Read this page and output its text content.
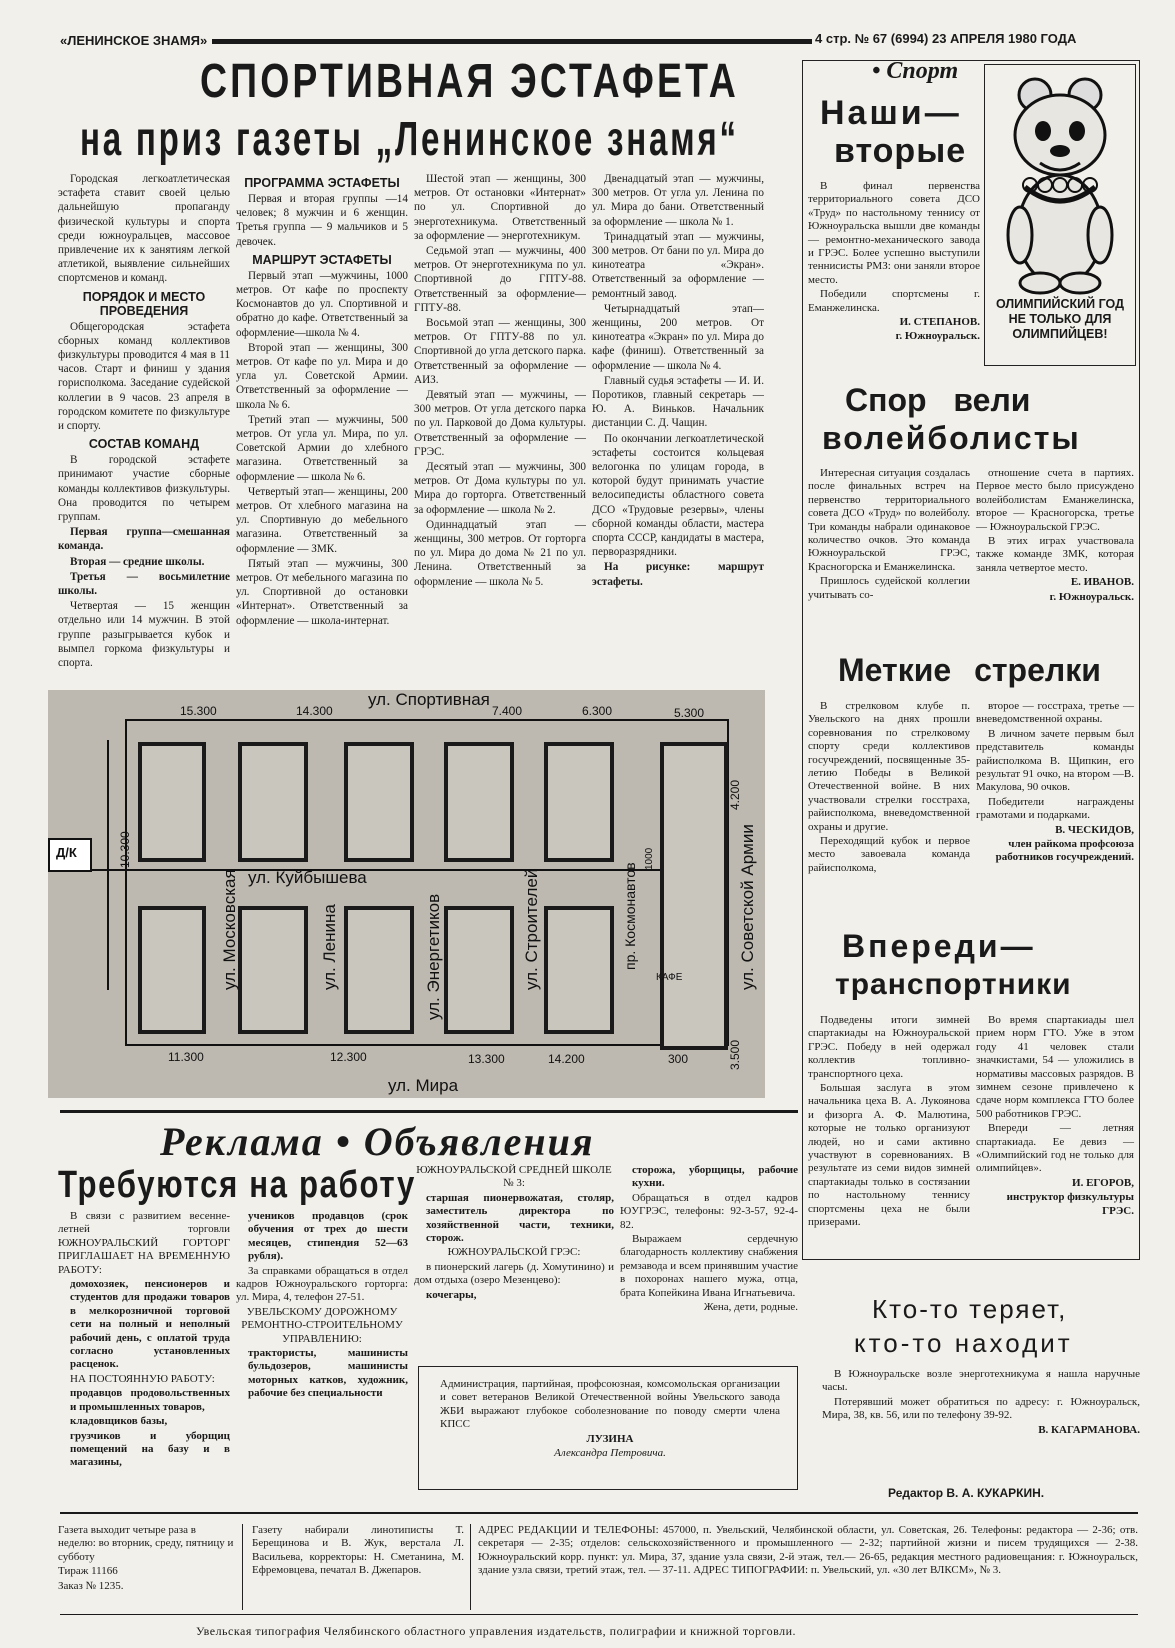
«ЛЕНИНСКОЕ ЗНАМЯ»	4 стр. № 67 (6994) 23 АПРЕЛЯ 1980 ГОДА
СПОРТИВНАЯ ЭСТАФЕТА
на приз газеты „Ленинское знамя“

Городская легкоатлетическая эстафета ставит своей целью дальнейшую пропаганду физической культуры и спорта среди южноуральцев, массовое привлечение их к занятиям легкой атлетикой, выявление сильнейших спортсменов и команд.

ПОРЯДОК И МЕСТО ПРОВЕДЕНИЯ

Общегородская эстафета сборных команд коллективов физкультуры проводится 4 мая в 11 часов. Старт и финиш у здания горисполкома. Заседание судейской коллегии в 9 часов. 23 апреля в городском комитете по физкультуре и спорту.

СОСТАВ КОМАНД

В городской эстафете принимают участие сборные команды коллективов физкультуры. Она проводится по четырем группам.

Первая группа—смешанная команда.

Вторая — средние школы.

Третья — восьмилетние школы.

Четвертая — 15 женщин отдельно или 14 мужчин. В этой группе разыгрывается кубок и вымпел горкома физкультуры и спорта.

ПРОГРАММА ЭСТАФЕТЫ

Первая и вторая группы —14 человек; 8 мужчин и 6 женщин. Третья группа — 9 мальчиков и 5 девочек.

МАРШРУТ ЭСТАФЕТЫ

Первый этап —мужчины, 1000 метров. От кафе по проспекту Космонавтов до ул. Спортивной и обратно до кафе. Ответственный за оформление—школа № 4.

Второй этап — женщины, 300 метров. От кафе по ул. Мира и до угла ул. Советской Армии. Ответственный за оформление — школа № 6.

Третий этап — мужчины, 500 метров. От угла ул. Мира, по ул. Советской Армии до хлебного магазина. Ответственный за оформление — школа № 6.

Четвертый этап— женщины, 200 метров. От хлебного магазина на ул. Спортивную до мебельного магазина. Ответственный за оформление — ЗМК.

Пятый этап — мужчины, 300 метров. От мебельного магазина по ул. Спортивной до остановки «Интернат». Ответственный за оформление — школа-интернат.

Шестой этап — женщины, 300 метров. От остановки «Интернат» по ул. Спортивной до энерготехникума. Ответственный за оформление — энерготехникум.

Седьмой этап — мужчины, 400 метров. От энерготехникума по ул. Спортивной до ГПТУ-88. Ответственный за оформление— ГПТУ-88.

Восьмой этап — женщины, 300 метров. От ГПТУ-88 по ул. Спортивной до угла детского парка. Ответственный за оформление — АИЗ.

Девятый этап — мужчины, — 300 метров. От угла детского парка по ул. Парковой до Дома культуры. Ответственный за оформление — ГРЭС.

Десятый этап — мужчины, 300 метров. От Дома культуры по ул. Мира до горторга. Ответственный за оформление — школа № 2.

Одиннадцатый этап — женщины, 300 метров. От горторга по ул. Мира до дома № 21 по ул. Ленина. Ответственный за оформление — школа № 5.

Двенадцатый этап — мужчины, 300 метров. От угла ул. Ленина по ул. Мира до бани. Ответственный за оформление — школа № 1.

Тринадцатый этап — мужчины, 300 метров. От бани по ул. Мира до кинотеатра «Экран». Ответственный за оформление — ремонтный завод.

Четырнадцатый этап— женщины, 200 метров. От кинотеатра «Экран» по ул. Мира до кафе (финиш). Ответственный за оформление — школа № 4.

Главный судья эстафеты — И. И. Поротиков, главный секретарь — Ю. А. Виньков. Начальник дистанции С. Д. Чащин.

По окончании легкоатлетической эстафеты состоится кольцевая велогонка по улицам города, в которой будут принимать участие велосипедисты областного совета ДСО «Трудовые резервы», члены сборной команды области, мастера спорта СССР, кандидаты в мастера, перворазрядники.

На рисунке: маршрут эстафеты.

Д/К
ул. Спортивная
ул. Куйбышева
ул. Мира
ул. Московская	ул. Ленина	ул. Энергетиков	ул. Строителей	пр. Космонавтов	ул. Советской Армии
КАФЕ
15.300	14.300	7.400	6.300	5.300
10.300
4.200
1000
11.300	12.300	13.300	14.200	300	3.500
• Спорт
Наши—
вторые

В финал первенства территориального совета ДСО «Труд» по настольному теннису от Южноуральска вышли две команды — ремонтно-механического завода и ГРЭС. Более успешно выступили теннисисты РМЗ: они заняли второе место.

Победили спортсмены г. Еманжелинска.

И. СТЕПАНОВ.

г. Южноуральск.

ОЛИМПИЙСКИЙ ГОД НЕ ТОЛЬКО ДЛЯ ОЛИМПИЙЦЕВ!
Спор вели
волейболисты

Интересная ситуация создалась после финальных встреч на первенство территориального совета ДСО «Труд» по волейболу. Три команды набрали одинаковое количество очков. Это команда Южноуральской ГРЭС, Красногорска и Еманжелинска.

Пришлось судейской коллегии учитывать со-

отношение счета в партиях. Первое место было присуждено волейболистам Еманжелинска, второе — Красногорска, третье — Южноуральской ГРЭС.

В этих играх участвовала также команде ЗМК, которая заняла четвертое место.

Е. ИВАНОВ.

г. Южноуральск.

Меткие стрелки

В стрелковом клубе п. Увельского на днях прошли соревнования по стрелковому спорту среди коллективов госучреждений, посвященные 35-летию Победы в Великой Отечественной войне. В них участвовали стрелки госстраха, райисполкома, вневедомственной охраны и другие.

Переходящий кубок и первое место завоевала команда райисполкома,

второе — госстраха, третье — вневедомственной охраны.

В личном зачете первым был представитель команды райисполкома В. Щипкин, его результат 91 очко, на втором —В. Макулова, 90 очков.

Победители награждены грамотами и подарками.

В. ЧЕСКИДОВ,

член райкома профсоюза работников госучреждений.

Впереди—
транспортники

Подведены итоги зимней спартакиады на Южноуральской ГРЭС. Победу в ней одержал коллектив топливно-транспортного цеха.

Большая заслуга в этом начальника цеха В. А. Лукоянова и физорга А. Ф. Малютина, которые не только организуют людей, но и сами активно участвуют в соревнованиях. В результате из семи видов зимней спартакиады только в состязании по настольному теннису спортсмены цеха не были призерами.

Во время спартакиады шел прием норм ГТО. Уже в этом году 41 человек стали значкистами, 54 — уложились в нормативы массовых разрядов. В зимнем сезоне привлечено к сдаче норм комплекса ГТО более 500 работников ГРЭС.

Впереди — летняя спартакиада. Ее девиз — «Олимпийский год не только для олимпийцев».

И. ЕГОРОВ,

инструктор физкультуры ГРЭС.

Кто-то теряет,
кто-то находит

В Южноуральске возле энерготехникума я нашла наручные часы.

Потерявший может обратиться по адресу: г. Южноуральск, Мира, 38, кв. 56, или по телефону 39-92.

В. КАГАРМАНОВА.

Редактор В. А. КУКАРКИН.
Реклама • Объявления
Требуются на работу

В связи с развитием весенне-летней торговли ЮЖНОУРАЛЬСКИЙ ГОРТОРГ ПРИГЛАШАЕТ НА ВРЕМЕННУЮ РАБОТУ:

домохозяек, пенсионеров и студентов для продажи товаров в мелкорозничной торговой сети на полный и неполный рабочий день, с оплатой труда согласно установленных расценок.

НА ПОСТОЯННУЮ РАБОТУ:

продавцов продовольственных и промышленных товаров,

кладовщиков базы,

грузчиков и уборщиц помещений на базу и в магазины,

учеников продавцов (срок обучения от трех до шести месяцев, стипендия 52—63 рубля).

За справками обращаться в отдел кадров Южноуральского горторга: ул. Мира, 4, телефон 27-51.

УВЕЛЬСКОМУ ДОРОЖНОМУ РЕМОНТНО-СТРОИТЕЛЬНОМУ УПРАВЛЕНИЮ:

трактористы, машинисты бульдозеров, машинисты моторных катков, художник, рабочие без специальности

ЮЖНОУРАЛЬСКОЙ СРЕДНЕЙ ШКОЛЕ № 3:

старшая пионервожатая, столяр, заместитель директора по хозяйственной части, техники, сторож.

ЮЖНОУРАЛЬСКОЙ ГРЭС:

в пионерский лагерь (д. Хомутинино) и дом отдыха (озеро Мезенцево):

кочегары,

сторожа, уборщицы, рабочие кухни.

Обращаться в отдел кадров ЮУГРЭС, телефоны: 92-3-57, 92-4-82.

Выражаем сердечную благодарность коллективу снабжения ремзавода и всем принявшим участие в похоронах нашего мужа, отца, брата Копейкина Ивана Игнатьевича.

Жена, дети, родные.

Администрация, партийная, профсоюзная, комсомольская организации и совет ветеранов Великой Отечественной войны Увельского завода ЖБИ выражают глубокое соболезнование по поводу смерти члена КПСС

ЛУЗИНА

Александра Петровича.

Газета выходит четыре раза в неделю: во вторник, среду, пятницу и субботу

Тираж 11166

Заказ № 1235.

Газету набирали линотиписты Т. Берещинова и В. Жук, верстала Л. Васильева, корректоры: Н. Сметанина, М. Ефремовцева, печатал В. Джепаров.

АДРЕС РЕДАКЦИИ И ТЕЛЕФОНЫ: 457000, п. Увельский, Челябинской области, ул. Советская, 26. Телефоны: редактора — 2-36; отв. секретаря — 2-35; отделов: сельскохозяйственного и промышленного — 2-32; партийной жизни и писем трудящихся — 2-38. Южноуральский корр. пункт: ул. Мира, 37, здание узла связи, 2-й этаж, тел.— 26-65, редакция местного радиовещания: г. Южноуральск, здание узла связи, третий этаж, тел. — 37-11. АДРЕС ТИПОГРАФИИ: п. Увельский, ул. «30 лет ВЛКСМ», № 3.

Увельская типография Челябинского областного управления издательств, полиграфии и книжной торговли.
